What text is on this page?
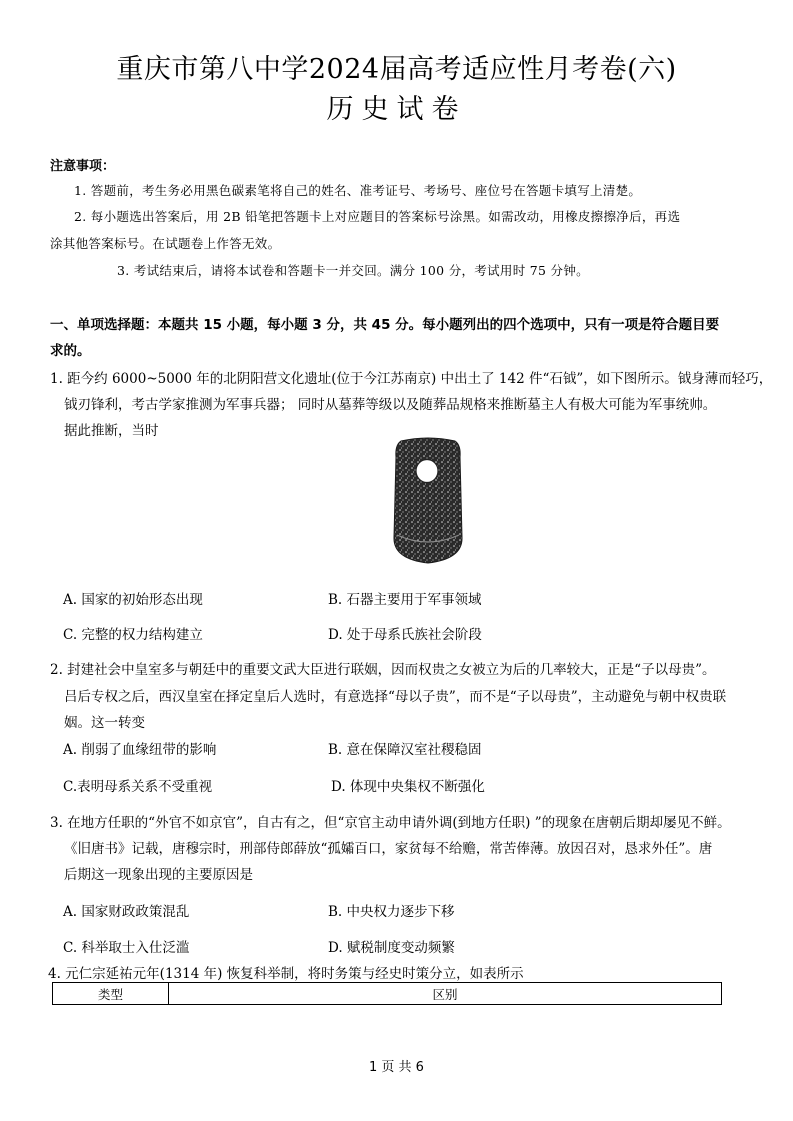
重庆市第八中学2024届高考适应性月考卷(六)
历史试卷
注意事项：
1. 答题前，考生务必用黑色碳素笔将自己的姓名、准考证号、考场号、座位号在答题卡填写上清楚。
2. 每小题选出答案后，用 2B 铅笔把答题卡上对应题目的答案标号涂黑。如需改动，用橡皮擦擦净后，再选
涂其他答案标号。在试题卷上作答无效。
3. 考试结束后，请将本试卷和答题卡一并交回。满分 100 分，考试用时 75 分钟。
一、单项选择题：本题共 15 小题，每小题 3 分，共 45 分。每小题列出的四个选项中，只有一项是符合题目要
求的。
1. 距今约 6000~5000 年的北阴阳营文化遗址(位于今江苏南京) 中出土了 142 件“石钺”，如下图所示。钺身薄而轻巧，
钺刃锋利，考古学家推测为军事兵器； 同时从墓葬等级以及随葬品规格来推断墓主人有极大可能为军事统帅。
据此推断，当时
A. 国家的初始形态出现	B. 石器主要用于军事领域
C. 完整的权力结构建立	D. 处于母系氏族社会阶段
2. 封建社会中皇室多与朝廷中的重要文武大臣进行联姻，因而权贵之女被立为后的几率较大，正是“子以母贵”。
吕后专权之后，西汉皇室在择定皇后人选时，有意选择“母以子贵”，而不是“子以母贵”，主动避免与朝中权贵联
姻。这一转变
A. 削弱了血缘纽带的影响	B. 意在保障汉室社稷稳固
C.表明母系关系不受重视	D. 体现中央集权不断强化
3. 在地方任职的“外官不如京官”，自古有之，但“京官主动申请外调(到地方任职) ”的现象在唐朝后期却屡见不鲜。
《旧唐书》记载，唐穆宗时，刑部侍郎薛放“孤孀百口，家贫每不给赡，常苦俸薄。放因召对，恳求外任”。唐
后期这一现象出现的主要原因是
A. 国家财政政策混乱	B. 中央权力逐步下移
C. 科举取士入仕泛滥	D. 赋税制度变动频繁
4. 元仁宗延祐元年(1314 年) 恢复科举制，将时务策与经史时策分立，如表所示
类型	区别
1 页 共 6
